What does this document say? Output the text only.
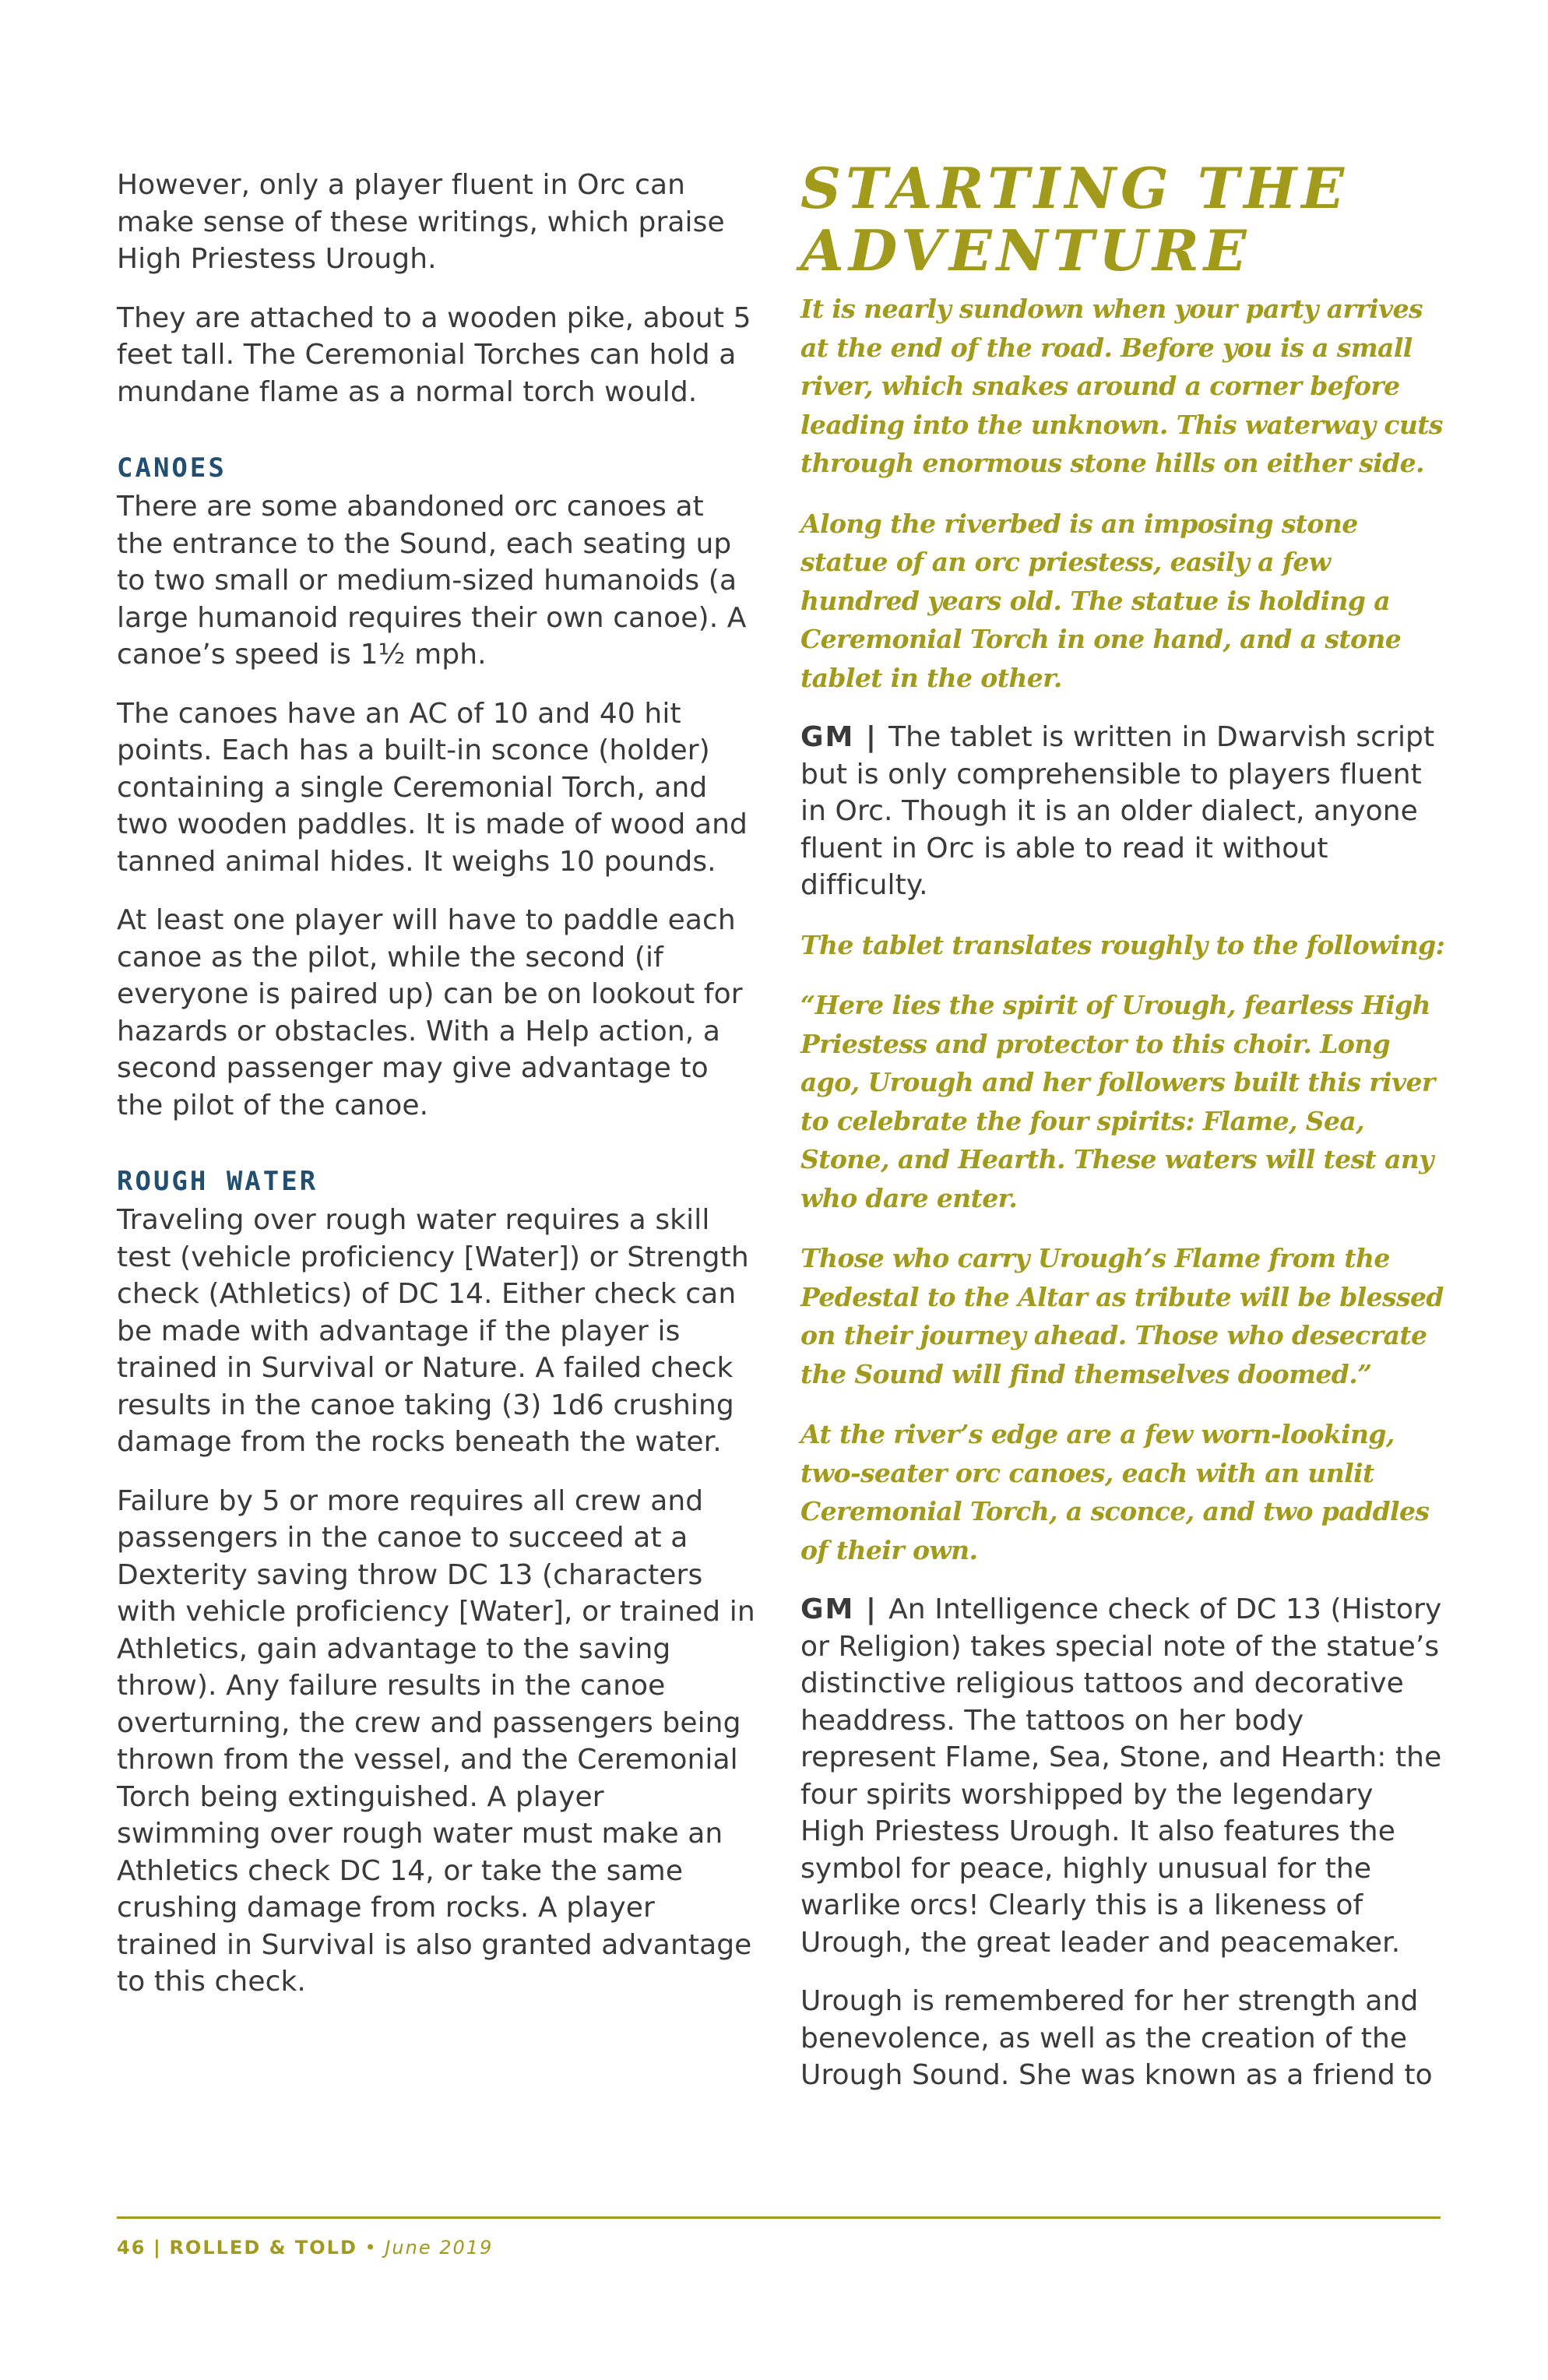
However, only a player fluent in Orc can make sense of these writings, which praise High Priestess Urough.

They are attached to a wooden pike, about 5 feet tall. The Ceremonial Torches can hold a mundane flame as a normal torch would.

CANOES

There are some abandoned orc canoes at the entrance to the Sound, each seating up to two small or medium-sized humanoids (a large humanoid requires their own canoe). A canoe’s speed is 1½ mph.

The canoes have an AC of 10 and 40 hit points. Each has a built-in sconce (holder) containing a single Ceremonial Torch, and two wooden paddles. It is made of wood and tanned animal hides. It weighs 10 pounds.

At least one player will have to paddle each canoe as the pilot, while the second (if everyone is paired up) can be on lookout for hazards or obstacles. With a Help action, a second passenger may give advantage to the pilot of the canoe.

ROUGH WATER

Traveling over rough water requires a skill test (vehicle proficiency [Water]) or Strength check (Athletics) of DC 14. Either check can be made with advantage if the player is trained in Survival or Nature. A failed check results in the canoe taking (3) 1d6 crushing damage from the rocks beneath the water.

Failure by 5 or more requires all crew and passengers in the canoe to succeed at a Dexterity saving throw DC 13 (characters with vehicle proficiency [Water], or trained in Athletics, gain advantage to the saving throw). Any failure results in the canoe overturning, the crew and passengers being thrown from the vessel, and the Ceremonial Torch being extinguished. A player swimming over rough water must make an Athletics check DC 14, or take the same crushing damage from rocks. A player trained in Survival is also granted advantage to this check.

STARTING THE
ADVENTURE

It is nearly sundown when your party arrives at the end of the road. Before you is a small river, which snakes around a corner before leading into the unknown. This waterway cuts through enormous stone hills on either side.

Along the riverbed is an imposing stone statue of an orc priestess, easily a few hundred years old. The statue is holding a Ceremonial Torch in one hand, and a stone tablet in the other.

GM | The tablet is written in Dwarvish script but is only comprehensible to players fluent in Orc. Though it is an older dialect, anyone fluent in Orc is able to read it without difficulty.

The tablet translates roughly to the following:

“Here lies the spirit of Urough, fearless High Priestess and protector to this choir. Long ago, Urough and her followers built this river to celebrate the four spirits: Flame, Sea, Stone, and Hearth. These waters will test any who dare enter.

Those who carry Urough’s Flame from the Pedestal to the Altar as tribute will be blessed on their journey ahead. Those who desecrate the Sound will find themselves doomed.”

At the river’s edge are a few worn-looking, two-seater orc canoes, each with an unlit Ceremonial Torch, a sconce, and two paddles of their own.

GM | An Intelligence check of DC 13 (History or Religion) takes special note of the statue’s distinctive religious tattoos and decorative headdress. The tattoos on her body represent Flame, Sea, Stone, and Hearth: the four spirits worshipped by the legendary High Priestess Urough. It also features the symbol for peace, highly unusual for the warlike orcs! Clearly this is a likeness of Urough, the great leader and peacemaker.

Urough is remembered for her strength and benevolence, as well as the creation of the Urough Sound. She was known as a friend to

46 | ROLLED & TOLD • June 2019
